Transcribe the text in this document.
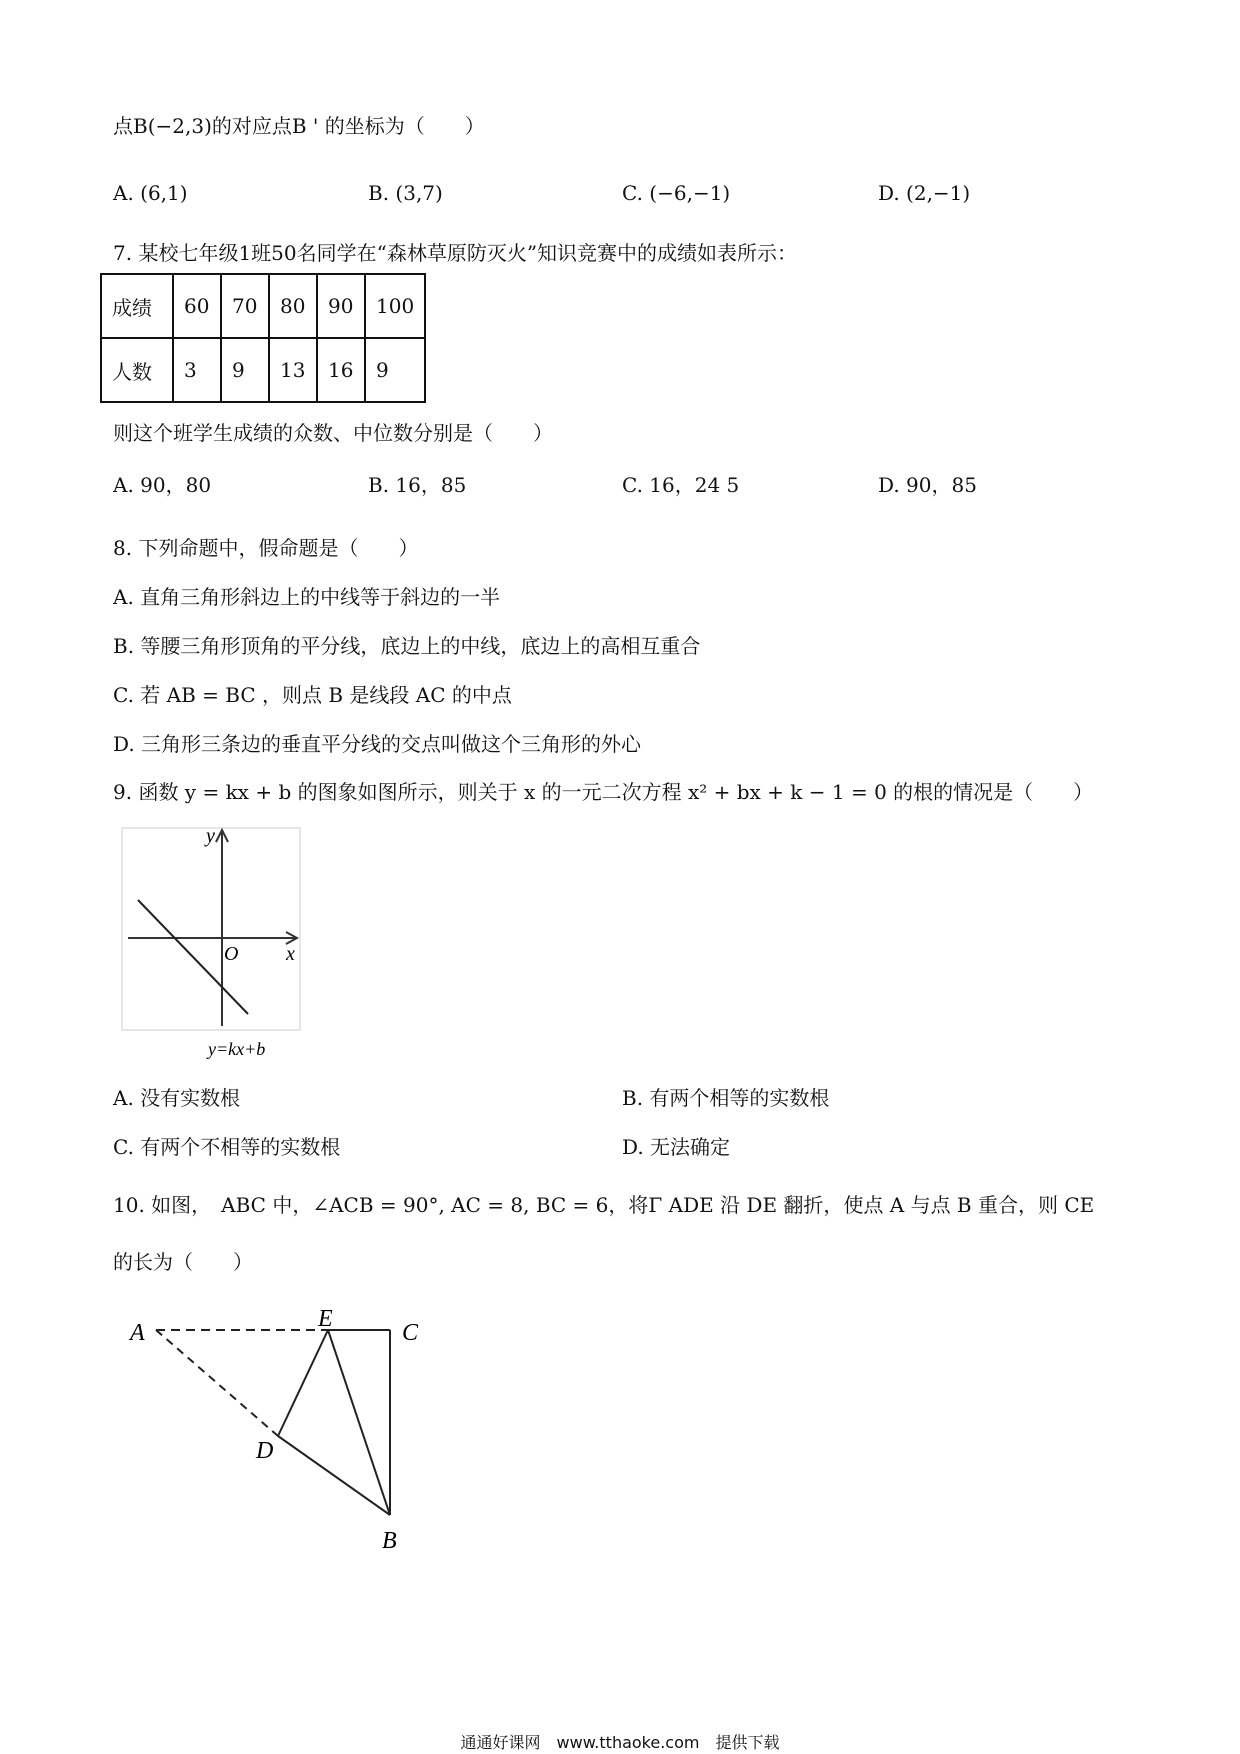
点B(−2,3)的对应点B ' 的坐标为（　　）
A. (6,1)	B. (3,7)	C. (−6,−1)	D. (2,−1)
7. 某校七年级1班50名同学在“森林草原防灭火”知识竞赛中的成绩如表所示：
成绩	60	70	80	90	100
人数	3	9	13	16	9
则这个班学生成绩的众数、中位数分别是（　　）
A. 90，80	B. 16，85	C. 16，24 5	D. 90，85
8. 下列命题中，假命题是（　　）
A. 直角三角形斜边上的中线等于斜边的一半
B. 等腰三角形顶角的平分线，底边上的中线，底边上的高相互重合
C. 若 AB = BC ，则点 B 是线段 AC 的中点
D. 三角形三条边的垂直平分线的交点叫做这个三角形的外心
9. 函数 y = kx + b 的图象如图所示，则关于 x 的一元二次方程 x² + bx + k − 1 = 0 的根的情况是（　　）
y
x
O
y=kx+b
A. 没有实数根	B. 有两个相等的实数根
C. 有两个不相等的实数根	D. 无法确定
10. 如图，　ABC 中，∠ACB = 90°, AC = 8, BC = 6，将Γ ADE 沿 DE 翻折，使点 A 与点 B 重合，则 CE
的长为（　　）
A
E
C
D
B
通通好课网　www.tthaoke.com　提供下载
